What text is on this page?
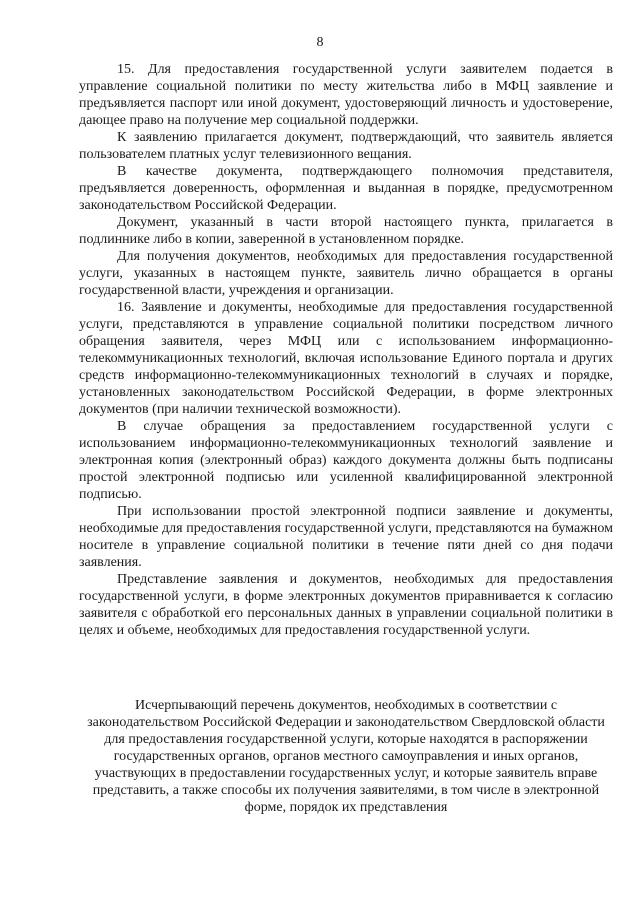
8

15. Для предоставления государственной услуги заявителем подается в управление социальной политики по месту жительства либо в МФЦ заявление и предъявляется паспорт или иной документ, удостоверяющий личность и удостоверение, дающее право на получение мер социальной поддержки.

К заявлению прилагается документ, подтверждающий, что заявитель является пользователем платных услуг телевизионного вещания.

В качестве документа, подтверждающего полномочия представителя, предъявляется доверенность, оформленная и выданная в порядке, предусмотренном законодательством Российской Федерации.

Документ, указанный в части второй настоящего пункта, прилагается в подлиннике либо в копии, заверенной в установленном порядке.

Для получения документов, необходимых для предоставления государственной услуги, указанных в настоящем пункте, заявитель лично обращается в органы государственной власти, учреждения и организации.

16. Заявление и документы, необходимые для предоставления государственной услуги, представляются в управление социальной политики посредством личного обращения заявителя, через МФЦ или с использованием информационно-телекоммуникационных технологий, включая использование Единого портала и других средств информационно-телекоммуникационных технологий в случаях и порядке, установленных законодательством Российской Федерации, в форме электронных документов (при наличии технической возможности).

В случае обращения за предоставлением государственной услуги с использованием информационно-телекоммуникационных технологий заявление и электронная копия (электронный образ) каждого документа должны быть подписаны простой электронной подписью или усиленной квалифицированной электронной подписью.

При использовании простой электронной подписи заявление и документы, необходимые для предоставления государственной услуги, представляются на бумажном носителе в управление социальной политики в течение пяти дней со дня подачи заявления.

Представление заявления и документов, необходимых для предоставления государственной услуги, в форме электронных документов приравнивается к согласию заявителя с обработкой его персональных данных в управлении социальной политики в целях и объеме, необходимых для предоставления государственной услуги.

Исчерпывающий перечень документов, необходимых в соответствии с законодательством Российской Федерации и законодательством Свердловской области для предоставления государственной услуги, которые находятся в распоряжении государственных органов, органов местного самоуправления и иных органов, участвующих в предоставлении государственных услуг, и которые заявитель вправе представить, а также способы их получения заявителями, в том числе в электронной форме, порядок их представления
